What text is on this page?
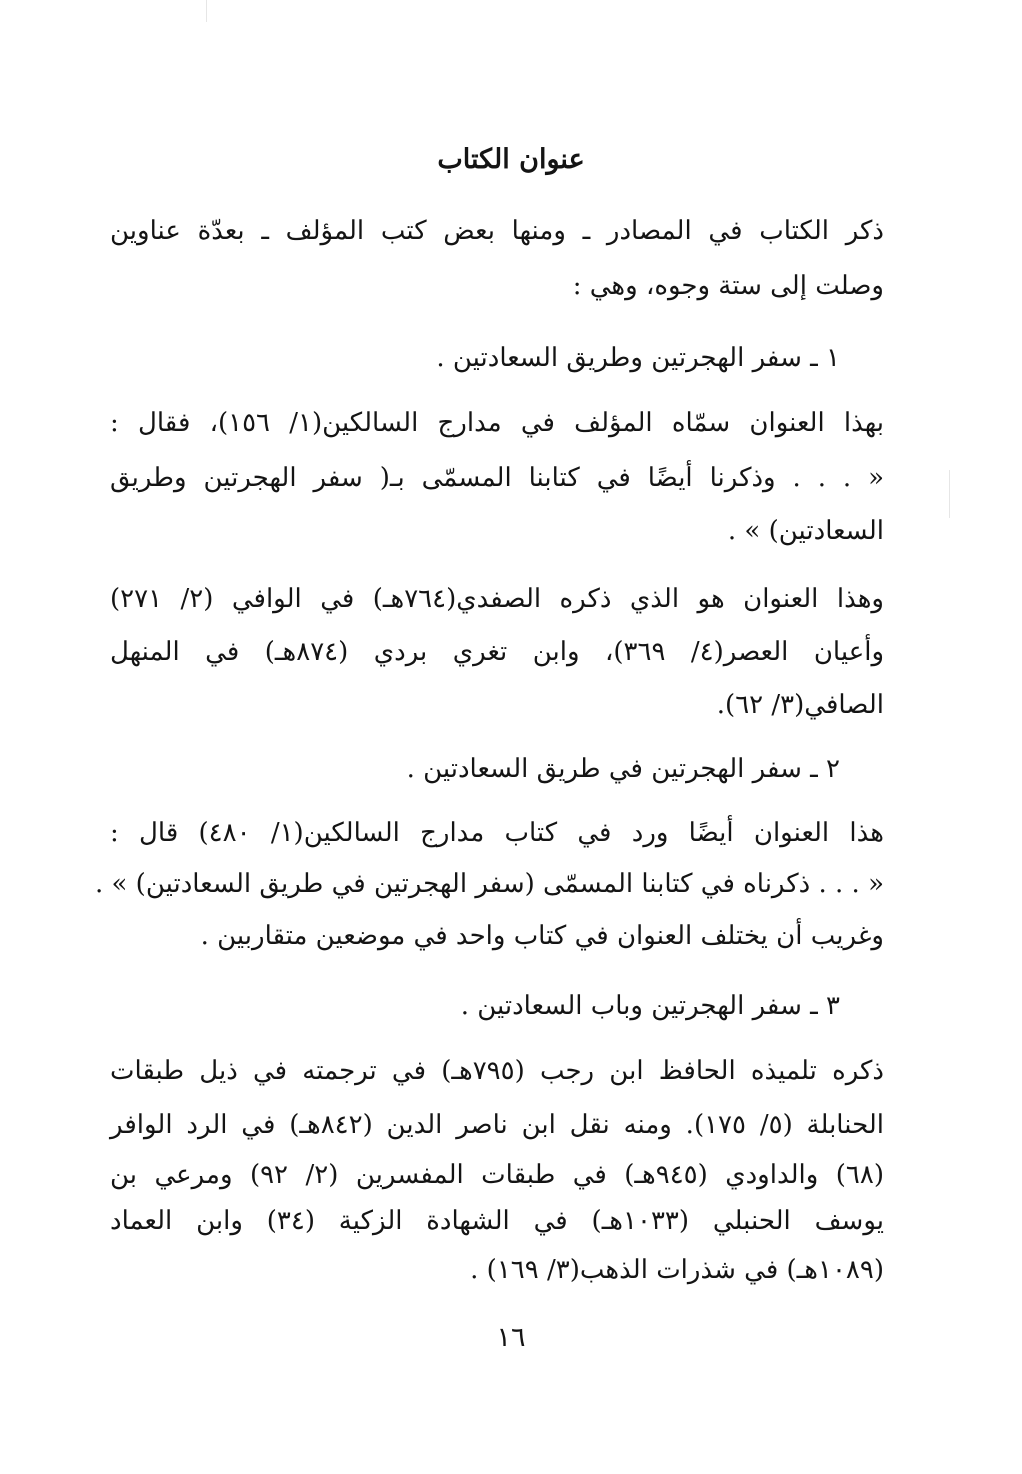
عنوان الكتاب
ذكر الكتاب في المصادر ـ ومنها بعض كتب المؤلف ـ بعدّة عناوين
وصلت إلى ستة وجوه، وهي :
١ ـ سفر الهجرتين وطريق السعادتين .
بهذا العنوان سمّاه المؤلف في مدارج السالكين(١/ ١٥٦)، فقال :
« . . . وذكرنا أيضًا في كتابنا المسمّى بـ( سفر الهجرتين وطريق
السعادتين) » .
وهذا العنوان هو الذي ذكره الصفدي(٧٦٤هـ) في الوافي (٢/ ٢٧١)
وأعيان العصر(٤/ ٣٦٩)، وابن تغري بردي (٨٧٤هـ) في المنهل
الصافي(٣/ ٦٢).
٢ ـ سفر الهجرتين في طريق السعادتين .
هذا العنوان أيضًا ورد في كتاب مدارج السالكين(١/ ٤٨٠) قال :
« . . . ذكرناه في كتابنا المسمّى (سفر الهجرتين في طريق السعادتين) » .
وغريب أن يختلف العنوان في كتاب واحد في موضعين متقاربين .
٣ ـ سفر الهجرتين وباب السعادتين .
ذكره تلميذه الحافظ ابن رجب (٧٩٥هـ) في ترجمته في ذيل طبقات
الحنابلة (٥/ ١٧٥). ومنه نقل ابن ناصر الدين (٨٤٢هـ) في الرد الوافر
(٦٨) والداودي (٩٤٥هـ) في طبقات المفسرين (٢/ ٩٢) ومرعي بن
يوسف الحنبلي (١٠٣٣هـ) في الشهادة الزكية (٣٤) وابن العماد
(١٠٨٩هـ) في شذرات الذهب(٣/ ١٦٩) .
١٦
